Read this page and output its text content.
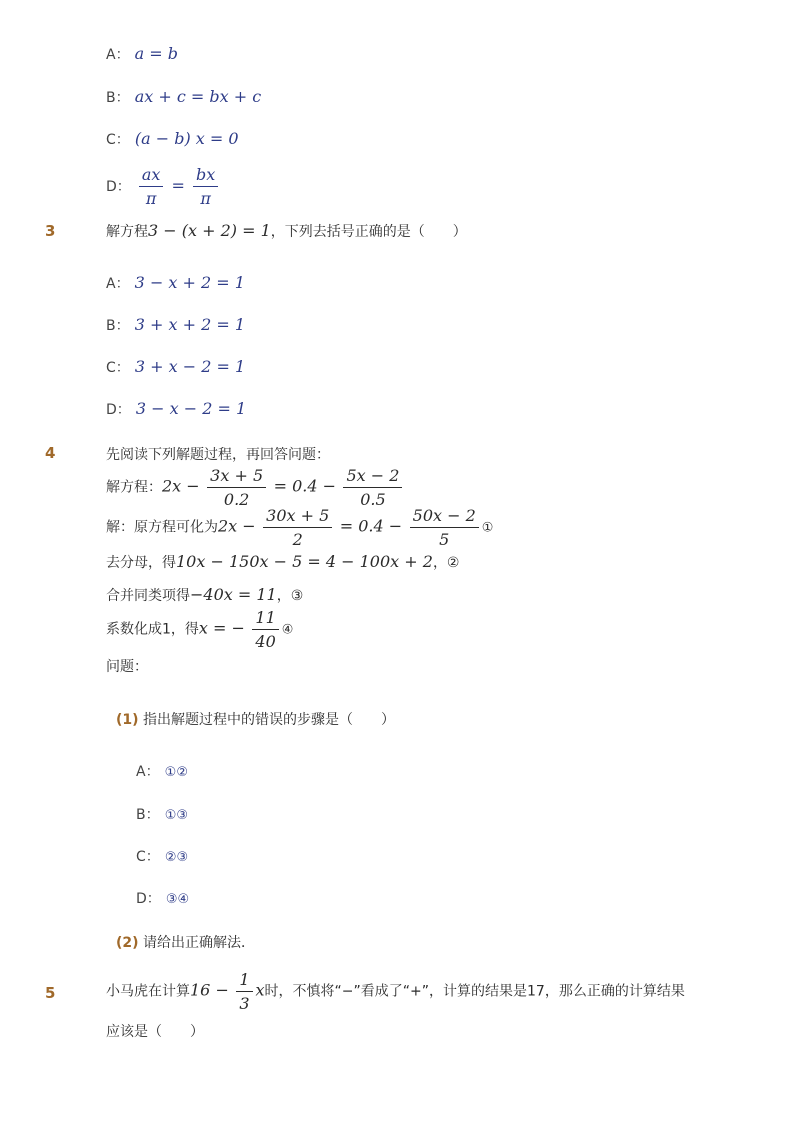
A： a = b
B： ax + c = bx + c
C： (a − b) x = 0
D： $\frac{ax}{\pi} = \frac{bx}{\pi}$
3	解方程3 − (x + 2) = 1，下列去括号正确的是（　　）
A： 3 − x + 2 = 1
B： 3 + x + 2 = 1
C： 3 + x − 2 = 1
D： 3 − x − 2 = 1
4	先阅读下列解题过程，再回答问题：
解方程：$2x - \frac{3x + 5}{0.2} = 0.4 - \frac{5x - 2}{0.5}$
解：原方程可化为$2x - \frac{30x + 5}{2} = 0.4 - \frac{50x - 2}{5}$ ①
去分母，得10x − 150x − 5 = 4 − 100x + 2，②
合并同类项得−40x = 11，③
系数化成1，得x = − $\frac{11}{40}$ ④
问题：
(1) 指出解题过程中的错误的步骤是（　　）
A： ①②
B： ①③
C： ②③
D： ③④
(2) 请给出正确解法．
5	小马虎在计算$16 - \frac{1}{3}$ x时，不慎将“−”看成了“+”，计算的结果是17，那么正确的计算结果
应该是（　　）
